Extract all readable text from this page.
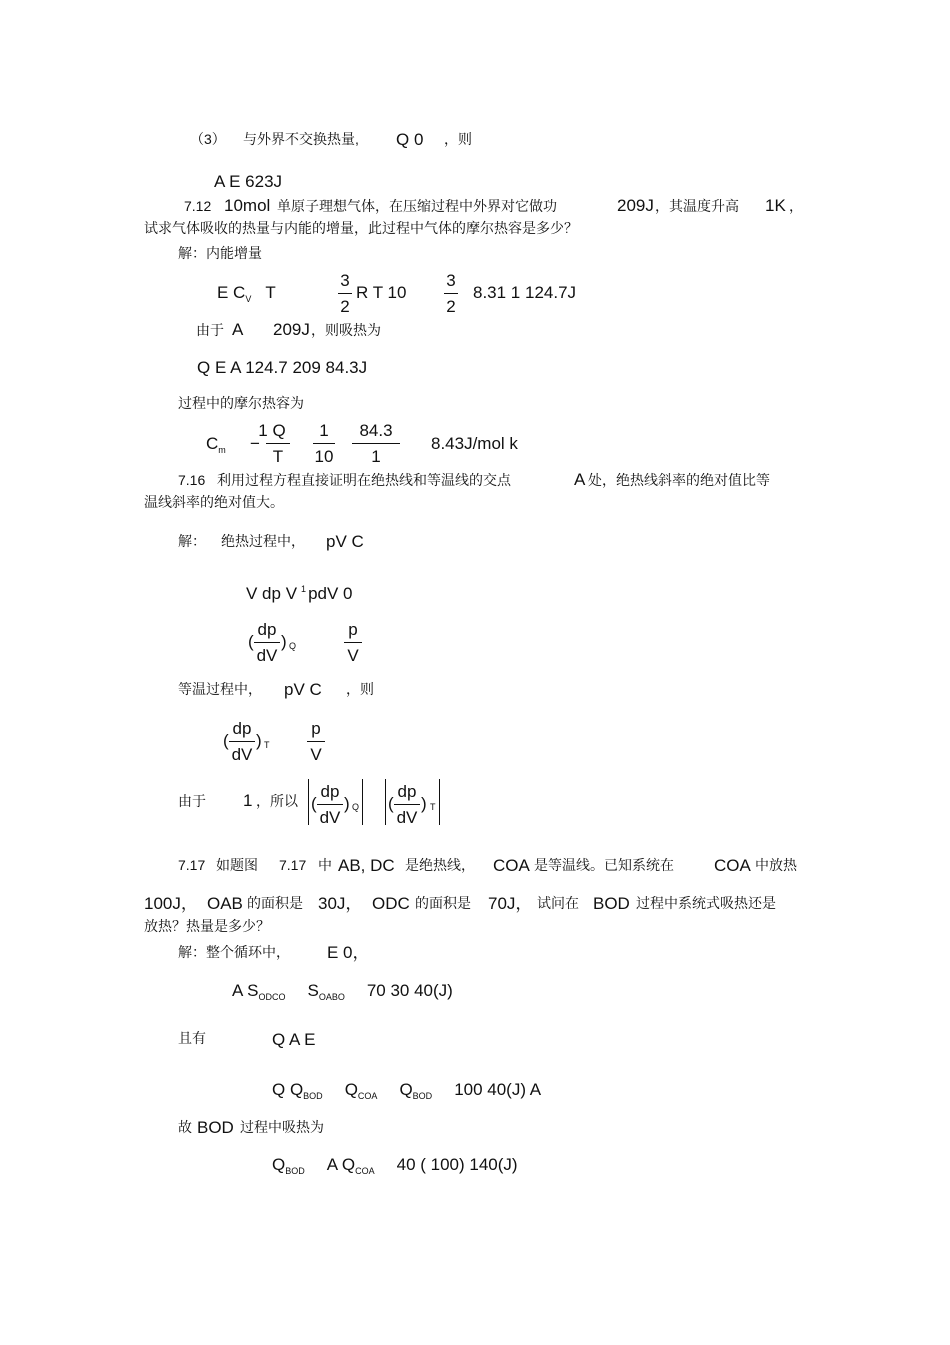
（3） 与外界不交换热量, Q 0 ，则
A E 623J
7.12 10mol 单原子理想气体，在压缩过程中外界对它做功	209J ，其温度升高 1K ，
试求气体吸收的热量与内能的增量，此过程中气体的摩尔热容是多少？
解：内能增量
E $C_V$ T
3
2
R T 10
3
2
8.31 1 124.7J
由于 A 209J ，则吸热为
Q E A 124.7 209 84.3J
过程中的摩尔热容为
$C_m$ −
1 Q
T
1
10
84.3
1
8.43J/mol k
7.16 利用过程方程直接证明在绝热线和等温线的交点	A 处，绝热线斜率的绝对值比等
温线斜率的绝对值大。
解： 绝热过程中， pV C
V dp V $^1$ pdV 0
(
dp
dV
) Q
p
V
等温过程中， pV C ，则
(
dp
dV
) T
p
V
由于 1 ，所以 (
dp
dV
) Q (
dp
dV
) T
7.17 如题图 7.17 中 AB, DC 是绝热线， COA 是等温线。已知系统在 COA 中放热
100J， OAB 的面积是 30J， ODC 的面积是 70J， 试问在 BOD 过程中系统式吸热还是
放热？热量是多少？
解：整个循环中， E 0，
A $S_{ODCO}$ $S_{OABO}$ 70 30 40(J)
且有	Q A E
Q $Q_{BOD}$ $Q_{COA}$ $Q_{BOD}$ 100 40(J) A
故 BOD 过程中吸热为
$Q_{BOD}$ A $Q_{COA}$ 40 ( 100) 140(J)
